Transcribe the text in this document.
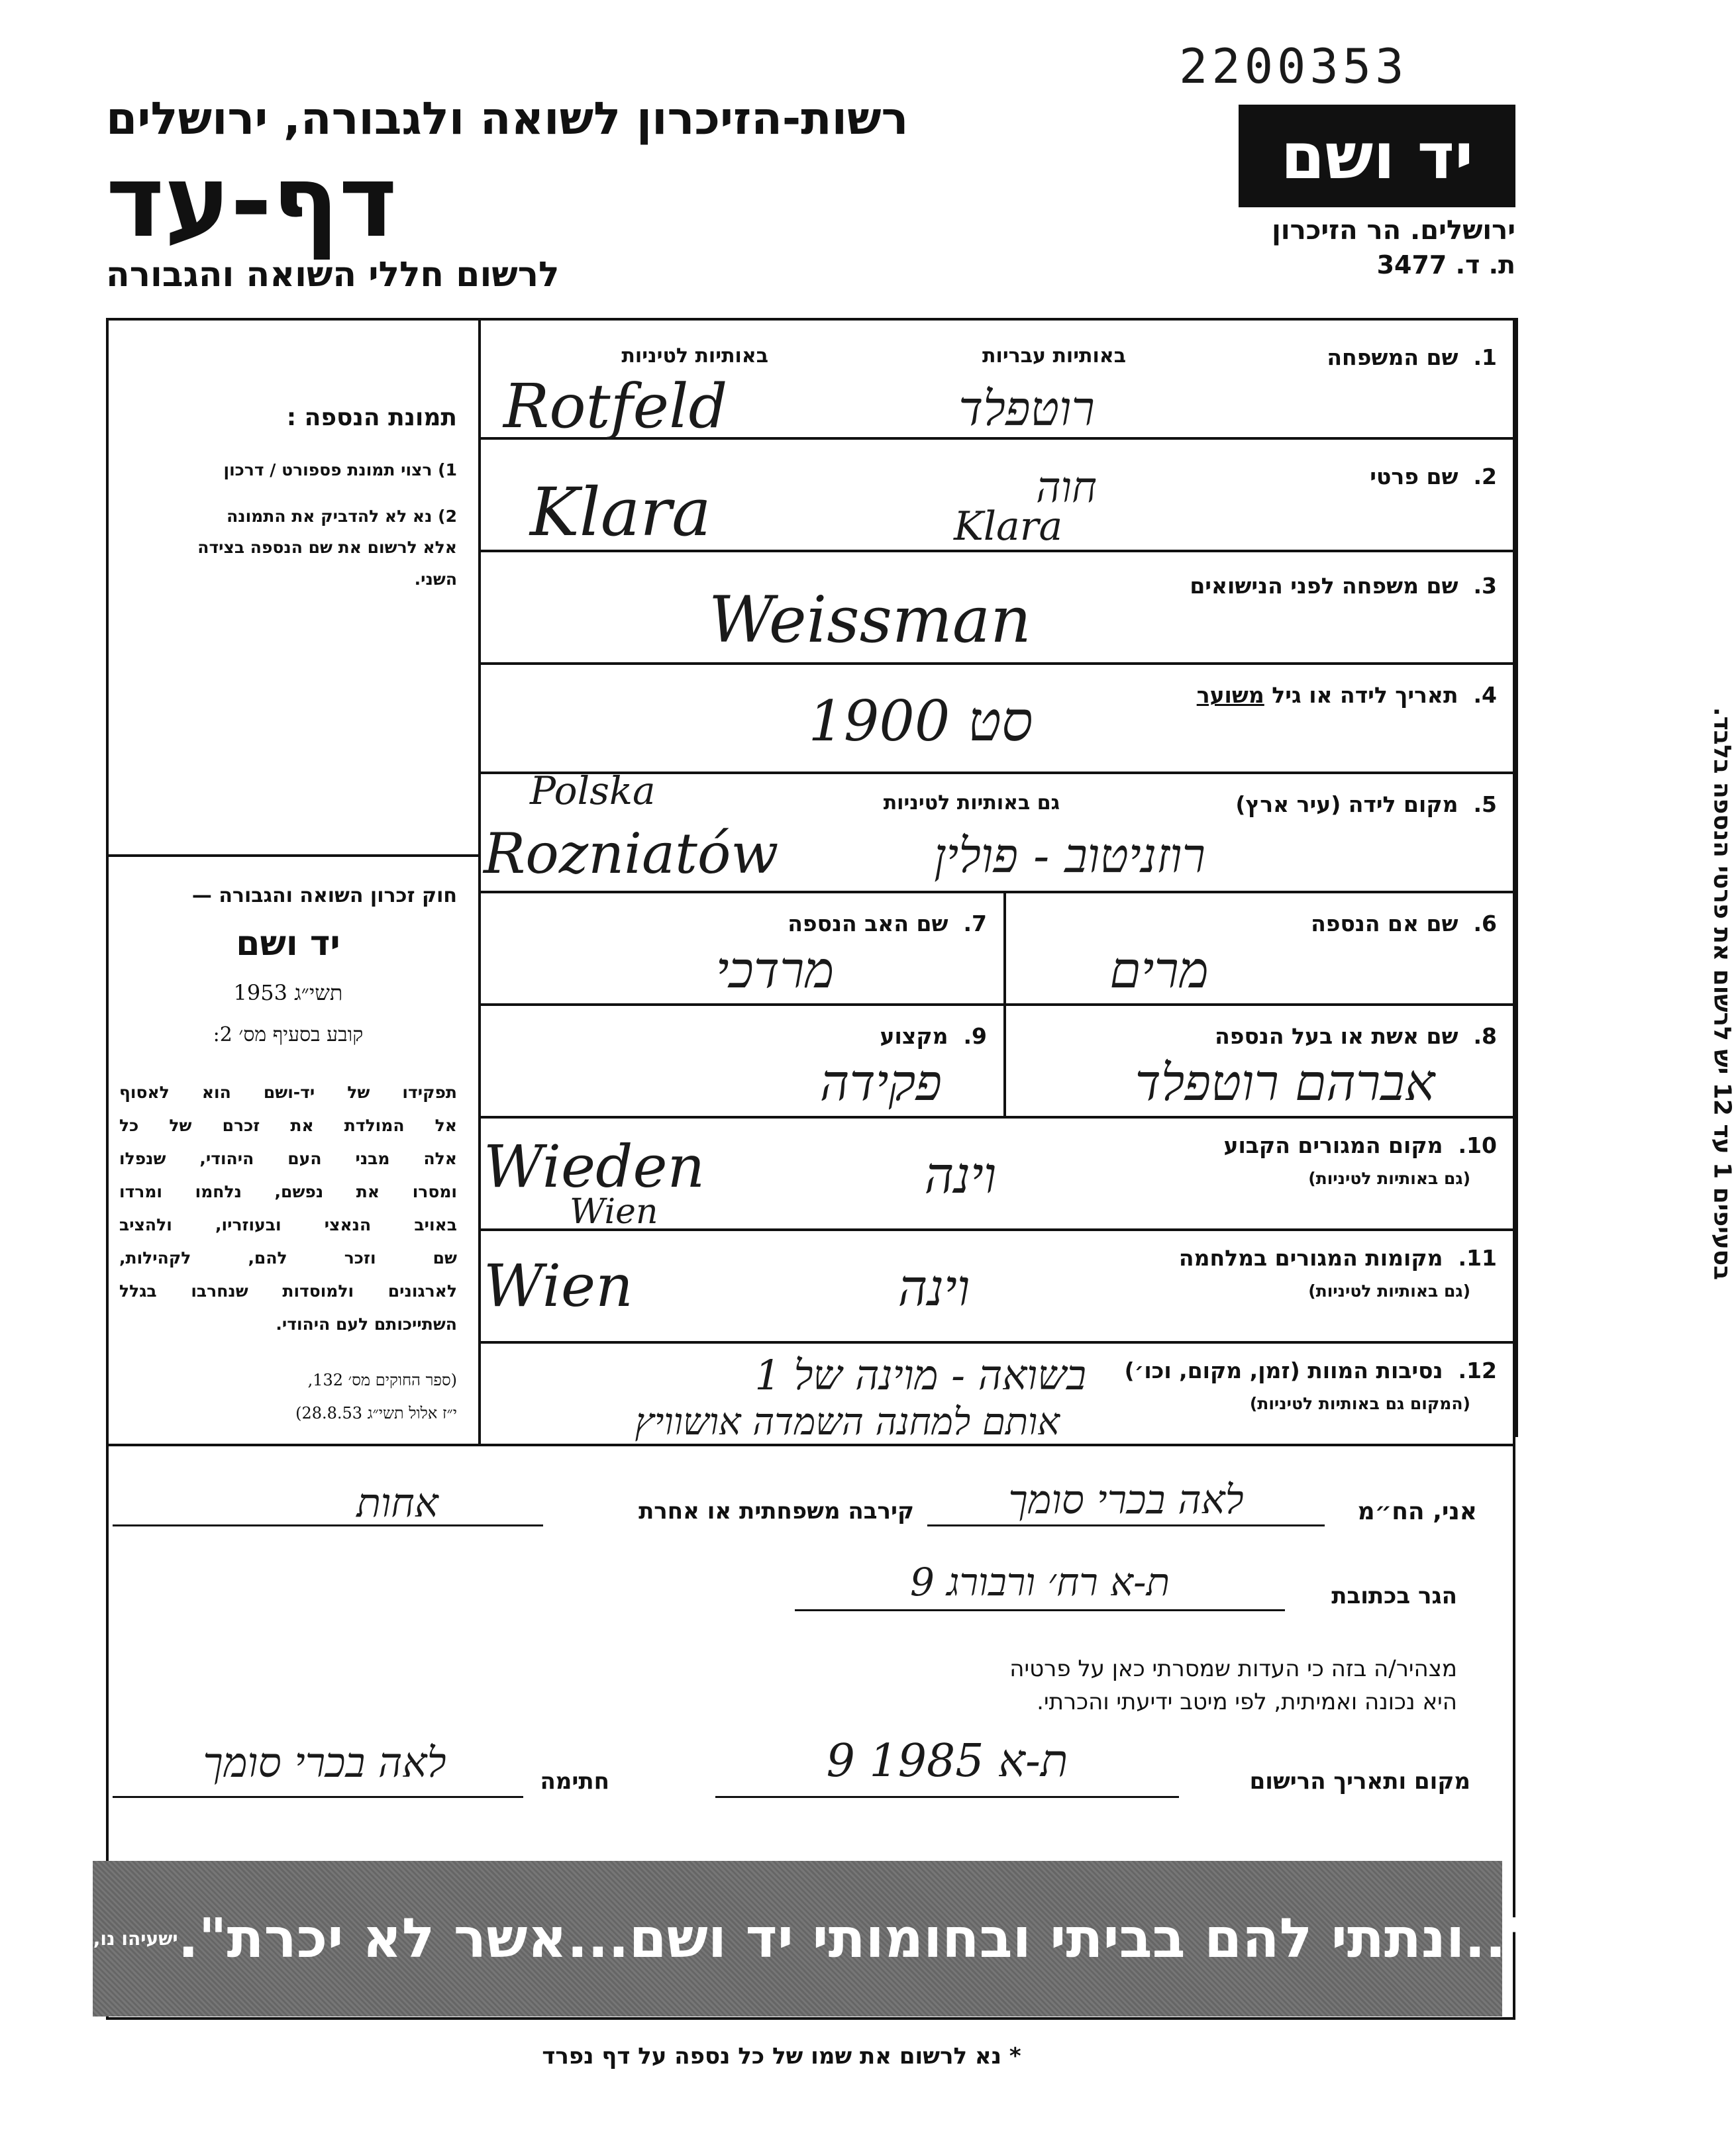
2200353
רשות-הזיכרון לשואה ולגבורה, ירושלים
דף-עד
לרשום חללי השואה והגבורה
יד ושם
ירושלים. הר הזיכרון
ת. ד. 3477
תמונת הנספה :
1) רצוי תמונת פספורט / דרכון
2) נא לא להדביק את התמונה
אלא לרשום את שם הנספה בצידה
השני.
חוק זכרון השואה והגבורה —
יד ושם
תשי״ג 1953
קובע בסעיף מס׳ 2:
תפקידו של יד-ושם הוא לאסוף
אל המולדת את זכרם של כל
אלה מבני העם היהודי, שנפלו
ומסרו את נפשם, נלחמו ומרדו
באויב הנאצי ובעוזריו, ולהציב
שם וזכר להם, לקהילות,
לארגונים ולמוסדות שנחרבו בגלל
השתייכותם לעם היהודי.
(ספר החוקים מס׳ 132,
י״ז אלול תשי״ג 28.8.53)
בסעיפים 1 עד 12 יש לרשום את פרטי הנספה בלבד.
1.  שם המשפחה
באותיות עבריות
באותיות לטיניות
Rotfeld	רוטפלד
2.  שם פרטי
Klara	חוה
Klara
3.  שם משפחה לפני הנישואים
Weissman
4.  תאריך לידה או גיל משוער
סט 1900
5.  מקום לידה (עיר ארץ)
גם באותיות לטיניות
Polska
Rozniatów	רוזניטוב - פולין
6.  שם אם הנספה
מרים
7.  שם האב הנספה
מרדכי
8.  שם אשת או בעל הנספה
אברהם רוטפלד
9.  מקצוע
פקידה
10.  מקום המגורים הקבוע
(גם באותיות לטיניות)
Wieden
Wien
וינה
11.  מקומות המגורים במלחמה
(גם באותיות לטיניות)
Wien	וינה
12.  נסיבות המוות (זמן, מקום, וכו׳)
(המקום גם באותיות לטיניות)
בשואה - מוינה של 1
אותם למחנה השמדה אושוויץ
אני, הח״מ
לאה בכרי סומך
קירבה משפחתית או אחרת
אחות
הגר בכתובת
ת-א רח׳ ורבורג 9
מצהיר/ה בזה כי העדות שמסרתי כאן על פרטיה
היא נכונה ואמיתית, לפי מיטב ידיעתי והכרתי.
מקום ותאריך הרישום
ת-א 1985 9
חתימה
לאה בכרי סומך
ישעיהו נו, ה "..ונתתי להם בביתי ובחומותי יד ושם...אשר לא יכרת".
* נא לרשום את שמו של כל נספה על דף נפרד
